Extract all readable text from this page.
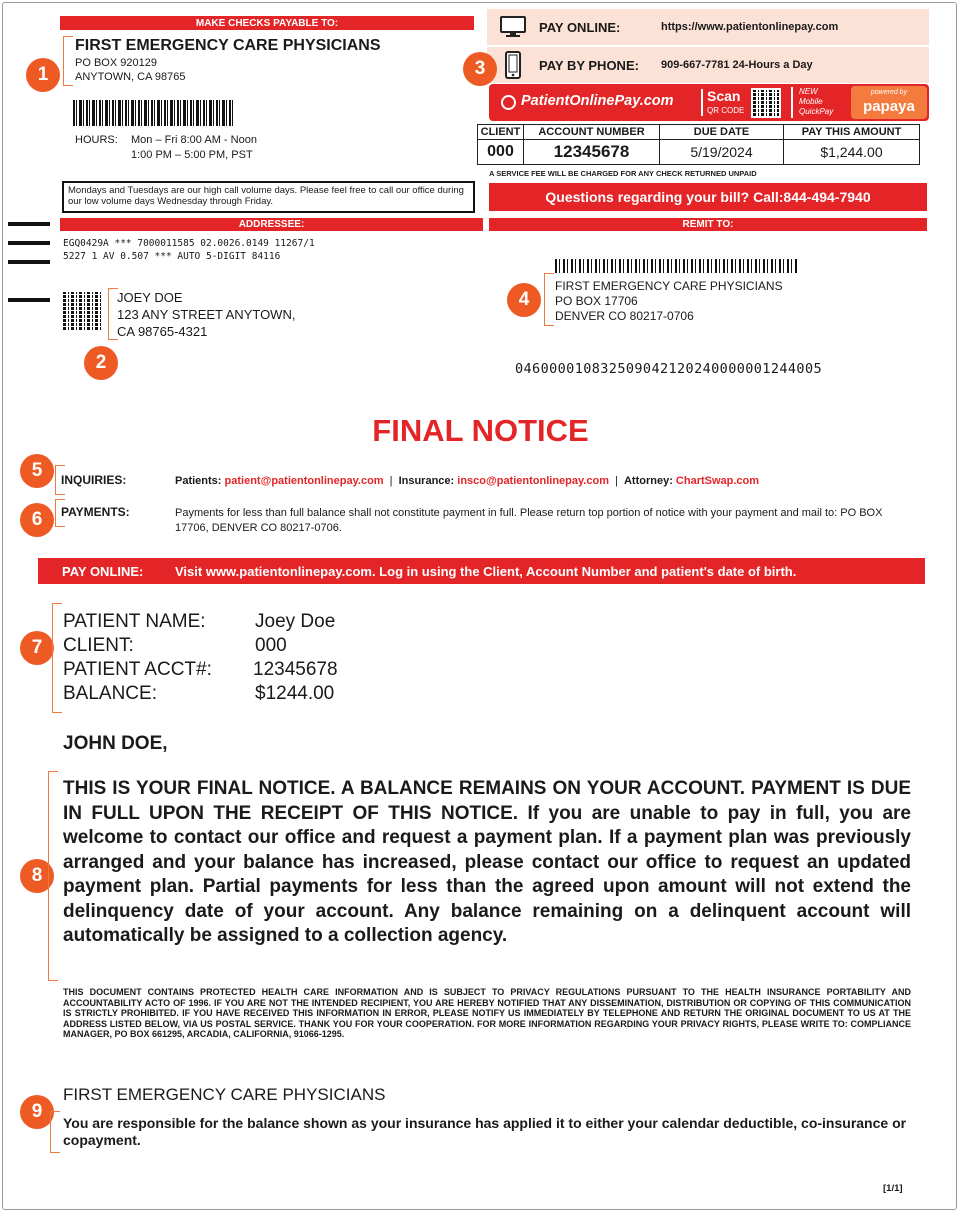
MAKE CHECKS PAYABLE TO:
FIRST EMERGENCY CARE PHYSICIANS
PO BOX 920129
ANYTOWN, CA 98765
HOURS: Mon – Fri 8:00 AM - Noon
1:00 PM – 5:00 PM, PST
Mondays and Tuesdays are our high call volume days. Please feel free to call our office during our low volume days Wednesday through Friday.
1
PAY ONLINE:	https://www.patientonlinepay.com
PAY BY PHONE:	909-667-7781 24-Hours a Day
3
PatientOnlinePay.com Scan
QR CODE
NEW
Mobile
QuickPay
powered by
papaya
CLIENT	ACCOUNT NUMBER	DUE DATE	PAY THIS AMOUNT
000	12345678	5/19/2024	$1,244.00
A SERVICE FEE WILL BE CHARGED FOR ANY CHECK RETURNED UNPAID
Questions regarding your bill? Call:844-494-7940
ADDRESSEE:	REMIT TO:
EGQ0429A *** 7000011585 02.0026.0149 11267/1
5227 1 AV 0.507 *** AUTO 5-DIGIT 84116
JOEY DOE
123 ANY STREET ANYTOWN,
CA 98765-4321
2
FIRST EMERGENCY CARE PHYSICIANS
PO BOX 17706
DENVER CO 80217-0706
4
046000010832509042120240000001244005
FINAL NOTICE
5	INQUIRIES:	Patients: patient@patientonlinepay.com | Insurance: insco@patientonlinepay.com | Attorney: ChartSwap.com
6	PAYMENTS:	Payments for less than full balance shall not constitute payment in full. Please return top portion of notice with your payment and mail to: PO BOX 17706, DENVER CO 80217-0706.
PAY ONLINE:	Visit www.patientonlinepay.com. Log in using the Client, Account Number and patient's date of birth.
7
PATIENT NAME:	Joey Doe
CLIENT:	000
PATIENT ACCT#:	12345678
BALANCE:	$1244.00
JOHN DOE,
8
THIS IS YOUR FINAL NOTICE. A BALANCE REMAINS ON YOUR ACCOUNT. PAYMENT IS DUE IN FULL UPON THE RECEIPT OF THIS NOTICE. If you are unable to pay in full, you are welcome to contact our office and request a payment plan. If a payment plan was previously arranged and your balance has increased, please contact our office to request an updated payment plan. Partial payments for less than the agreed upon amount will not extend the delinquency date of your account. Any balance remaining on a delinquent account will automatically be assigned to a collection agency.
THIS DOCUMENT CONTAINS PROTECTED HEALTH CARE INFORMATION AND IS SUBJECT TO PRIVACY REGULATIONS PURSUANT TO THE HEALTH INSURANCE PORTABILITY AND ACCOUNTABILITY ACTO OF 1996. IF YOU ARE NOT THE INTENDED RECIPIENT, YOU ARE HEREBY NOTIFIED THAT ANY DISSEMINATION, DISTRIBUTION OR COPYING OF THIS COMMUNICATION IS STRICTLY PROHIBITED. IF YOU HAVE RECEIVED THIS INFORMATION IN ERROR, PLEASE NOTIFY US IMMEDIATELY BY TELEPHONE AND RETURN THE ORIGINAL DOCUMENT TO US AT THE ADDRESS LISTED BELOW, VIA US POSTAL SERVICE. THANK YOU FOR YOUR COOPERATION. FOR MORE INFORMATION REGARDING YOUR PRIVACY RIGHTS, PLEASE WRITE TO: COMPLIANCE MANAGER, PO BOX 661295, ARCADIA, CALIFORNIA, 91066-1295.
FIRST EMERGENCY CARE PHYSICIANS
9
You are responsible for the balance shown as your insurance has applied it to either your calendar deductible, co-insurance or copayment.
[1/1]
